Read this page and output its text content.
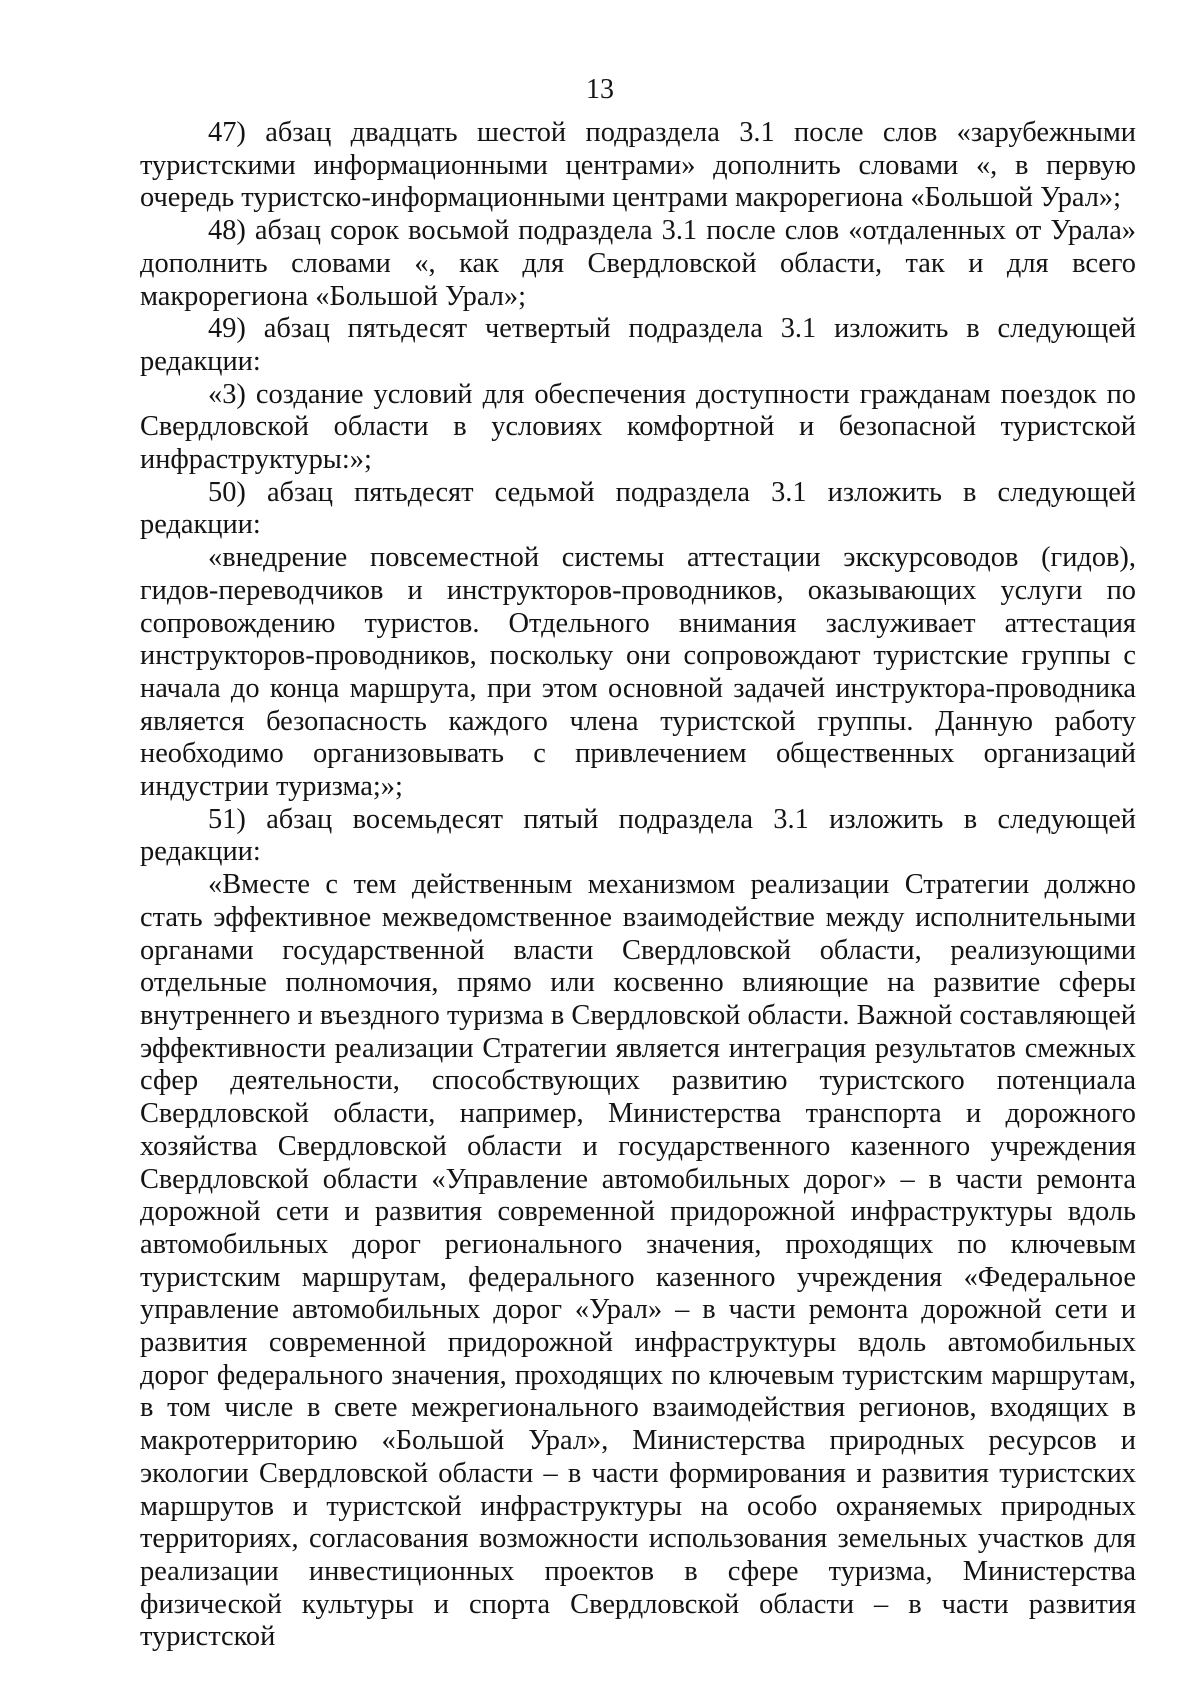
13

47) абзац двадцать шестой подраздела 3.1 после слов «зарубежными туристскими информационными центрами» дополнить словами «, в первую очередь туристско-информационными центрами макрорегиона «Большой Урал»;

48) абзац сорок восьмой подраздела 3.1 после слов «отдаленных от Урала» дополнить словами «, как для Свердловской области, так и для всего макрорегиона «Большой Урал»;

49) абзац пятьдесят четвертый подраздела 3.1 изложить в следующей редакции:

«3) создание условий для обеспечения доступности гражданам поездок по Свердловской области в условиях комфортной и безопасной туристской инфраструктуры:»;

50) абзац пятьдесят седьмой подраздела 3.1 изложить в следующей редакции:

«внедрение повсеместной системы аттестации экскурсоводов (гидов), гидов-переводчиков и инструкторов-проводников, оказывающих услуги по сопровождению туристов. Отдельного внимания заслуживает аттестация инструкторов-проводников, поскольку они сопровождают туристские группы с начала до конца маршрута, при этом основной задачей инструктора-проводника является безопасность каждого члена туристской группы. Данную работу необходимо организовывать с привлечением общественных организаций индустрии туризма;»;

51) абзац восемьдесят пятый подраздела 3.1 изложить в следующей редакции:

«Вместе с тем действенным механизмом реализации Стратегии должно стать эффективное межведомственное взаимодействие между исполнительными органами государственной власти Свердловской области, реализующими отдельные полномочия, прямо или косвенно влияющие на развитие сферы внутреннего и въездного туризма в Свердловской области. Важной составляющей эффективности реализации Стратегии является интеграция результатов смежных сфер деятельности, способствующих развитию туристского потенциала Свердловской области, например, Министерства транспорта и дорожного хозяйства Свердловской области и государственного казенного учреждения Свердловской области «Управление автомобильных дорог» – в части ремонта дорожной сети и развития современной придорожной инфраструктуры вдоль автомобильных дорог регионального значения, проходящих по ключевым туристским маршрутам, федерального казенного учреждения «Федеральное управление автомобильных дорог «Урал» – в части ремонта дорожной сети и развития современной придорожной инфраструктуры вдоль автомобильных дорог федерального значения, проходящих по ключевым туристским маршрутам, в том числе в свете межрегионального взаимодействия регионов, входящих в макротерриторию «Большой Урал», Министерства природных ресурсов и экологии Свердловской области – в части формирования и развития туристских маршрутов и туристской инфраструктуры на особо охраняемых природных территориях, согласования возможности использования земельных участков для реализации инвестиционных проектов в сфере туризма, Министерства физической культуры и спорта Свердловской области – в части развития туристской
